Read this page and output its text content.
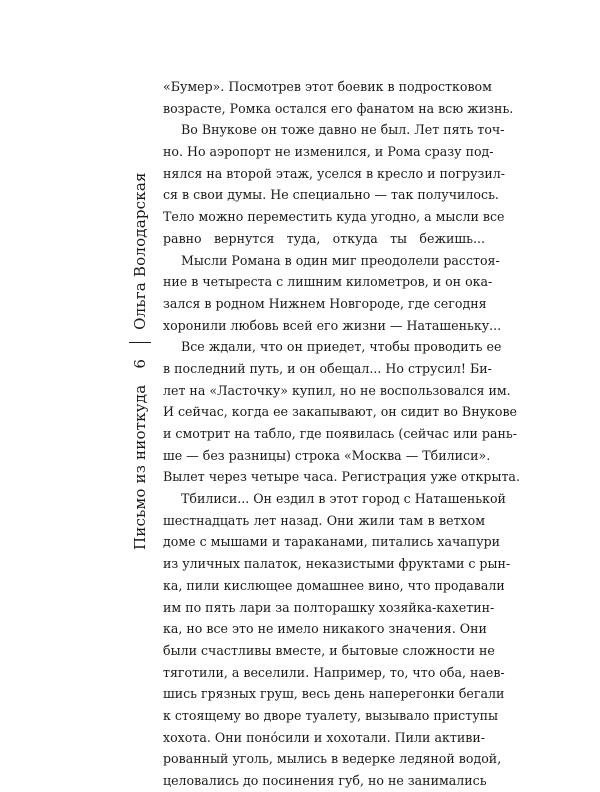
Письмо из ниоткуда
6
Ольга Володарская
«Бумер». Посмотрев этот боевик в подростковом
возрасте, Ромка остался его фанатом на всю жизнь.
Во Внукове он тоже давно не был. Лет пять точ-
но. Но аэропорт не изменился, и Рома сразу под-
нялся на второй этаж, уселся в кресло и погрузил-
ся в свои думы. Не специально — так получилось.
Тело можно переместить куда угодно, а мысли все
равно вернутся туда, откуда ты бежишь...
Мысли Романа в один миг преодолели расстоя-
ние в четыреста с лишним километров, и он ока-
зался в родном Нижнем Новгороде, где сегодня
хоронили любовь всей его жизни — Наташеньку...
Все ждали, что он приедет, чтобы проводить ее
в последний путь, и он обещал... Но струсил! Би-
лет на «Ласточку» купил, но не воспользовался им.
И сейчас, когда ее закапывают, он сидит во Внукове
и смотрит на табло, где появилась (сейчас или рань-
ше — без разницы) строка «Москва — Тбилиси».
Вылет через четыре часа. Регистрация уже открыта.
Тбилиси... Он ездил в этот город с Наташенькой
шестнадцать лет назад. Они жили там в ветхом
доме с мышами и тараканами, питались хачапури
из уличных палаток, неказистыми фруктами с рын-
ка, пили кислющее домашнее вино, что продавали
им по пять лари за полторашку хозяйка-кахетин-
ка, но все это не имело никакого значения. Они
были счастливы вместе, и бытовые сложности не
тяготили, а веселили. Например, то, что оба, наев-
шись грязных груш, весь день наперегонки бегали
к стоящему во дворе туалету, вызывало приступы
хохота. Они поно́сили и хохотали. Пили активи-
рованный уголь, мылись в ведерке ледяной водой,
целовались до посинения губ, но не занимались
